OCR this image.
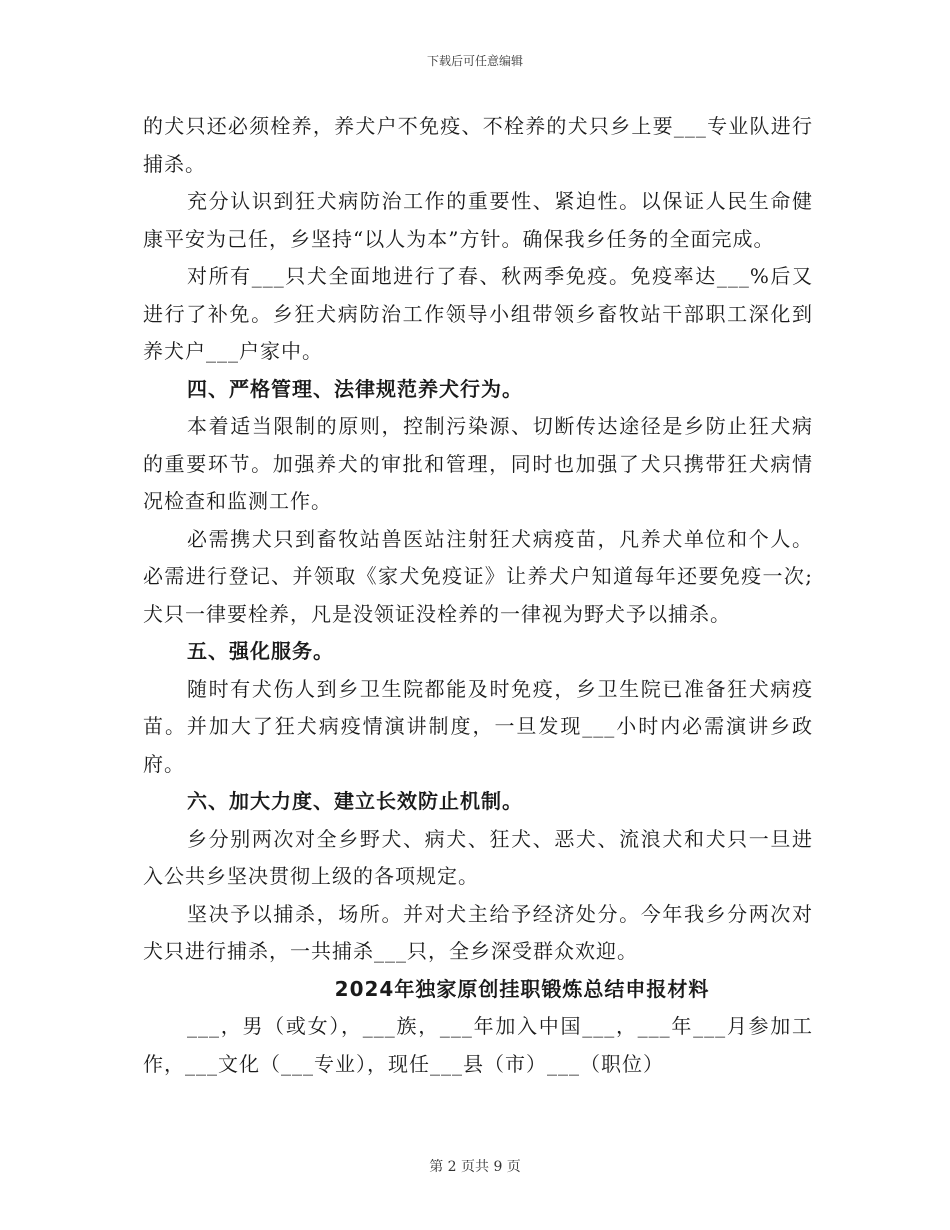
下载后可任意编辑

的犬只还必须栓养，养犬户不免疫、不栓养的犬只乡上要___专业队进行捕杀。

充分认识到狂犬病防治工作的重要性、紧迫性。以保证人民生命健康平安为己任，乡坚持“以人为本”方针。确保我乡任务的全面完成。

对所有___只犬全面地进行了春、秋两季免疫。免疫率达___%后又进行了补免。乡狂犬病防治工作领导小组带领乡畜牧站干部职工深化到养犬户___户家中。

四、严格管理、法律规范养犬行为。

本着适当限制的原则，控制污染源、切断传达途径是乡防止狂犬病的重要环节。加强养犬的审批和管理，同时也加强了犬只携带狂犬病情况检查和监测工作。

必需携犬只到畜牧站兽医站注射狂犬病疫苗，凡养犬单位和个人。必需进行登记、并领取《家犬免疫证》让养犬户知道每年还要免疫一次;犬只一律要栓养，凡是没领证没栓养的一律视为野犬予以捕杀。

五、强化服务。

随时有犬伤人到乡卫生院都能及时免疫，乡卫生院已准备狂犬病疫苗。并加大了狂犬病疫情演讲制度，一旦发现___小时内必需演讲乡政府。

六、加大力度、建立长效防止机制。

乡分别两次对全乡野犬、病犬、狂犬、恶犬、流浪犬和犬只一旦进入公共乡坚决贯彻上级的各项规定。

坚决予以捕杀，场所。并对犬主给予经济处分。今年我乡分两次对犬只进行捕杀，一共捕杀___只，全乡深受群众欢迎。

2024年独家原创挂职锻炼总结申报材料

___，男（或女），___族，___年加入中国___，___年___月参加工作，___文化（___专业），现任___县（市）___（职位）

第 2 页共 9 页
